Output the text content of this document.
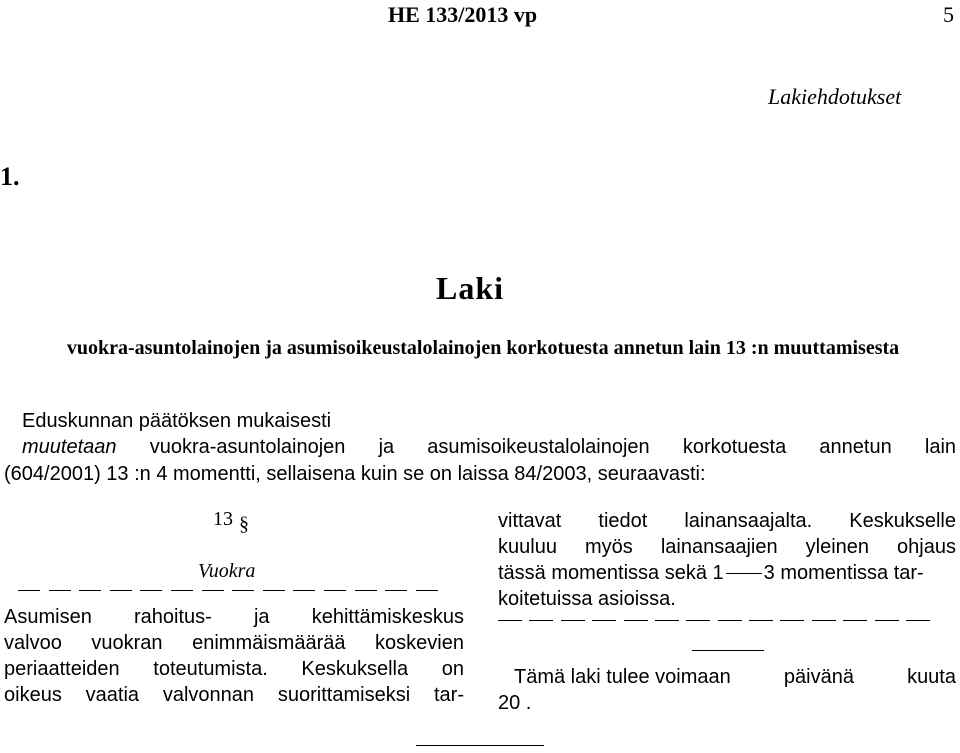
HE 133/2013 vp	5
Lakiehdotukset
1.
Laki
vuokra-asuntolainojen ja asumisoikeustalolainojen korkotuesta annetun lain 13 :n muuttamisesta
Eduskunnan päätöksen mukaisesti
muutetaan vuokra-asuntolainojen ja asumisoikeustalolainojen korkotuesta annetun lain
(604/2001) 13 :n 4 momentti, sellaisena kuin se on laissa 84/2003, seuraavasti:
13 §
Vuokra
Asumisen rahoitus- ja kehittämiskeskus
valvoo vuokran enimmäismäärää koskevien
periaatteiden toteutumista. Keskuksella on
oikeus vaatia valvonnan suorittamiseksi tar-
vittavat tiedot lainansaajalta. Keskukselle
kuuluu myös lainansaajien yleinen ohjaus
tässä momentissa sekä 1 3 momentissa tar-
koitetuissa asioissa.
Tämä laki tulee voimaan	päivänä	kuuta
20 .
